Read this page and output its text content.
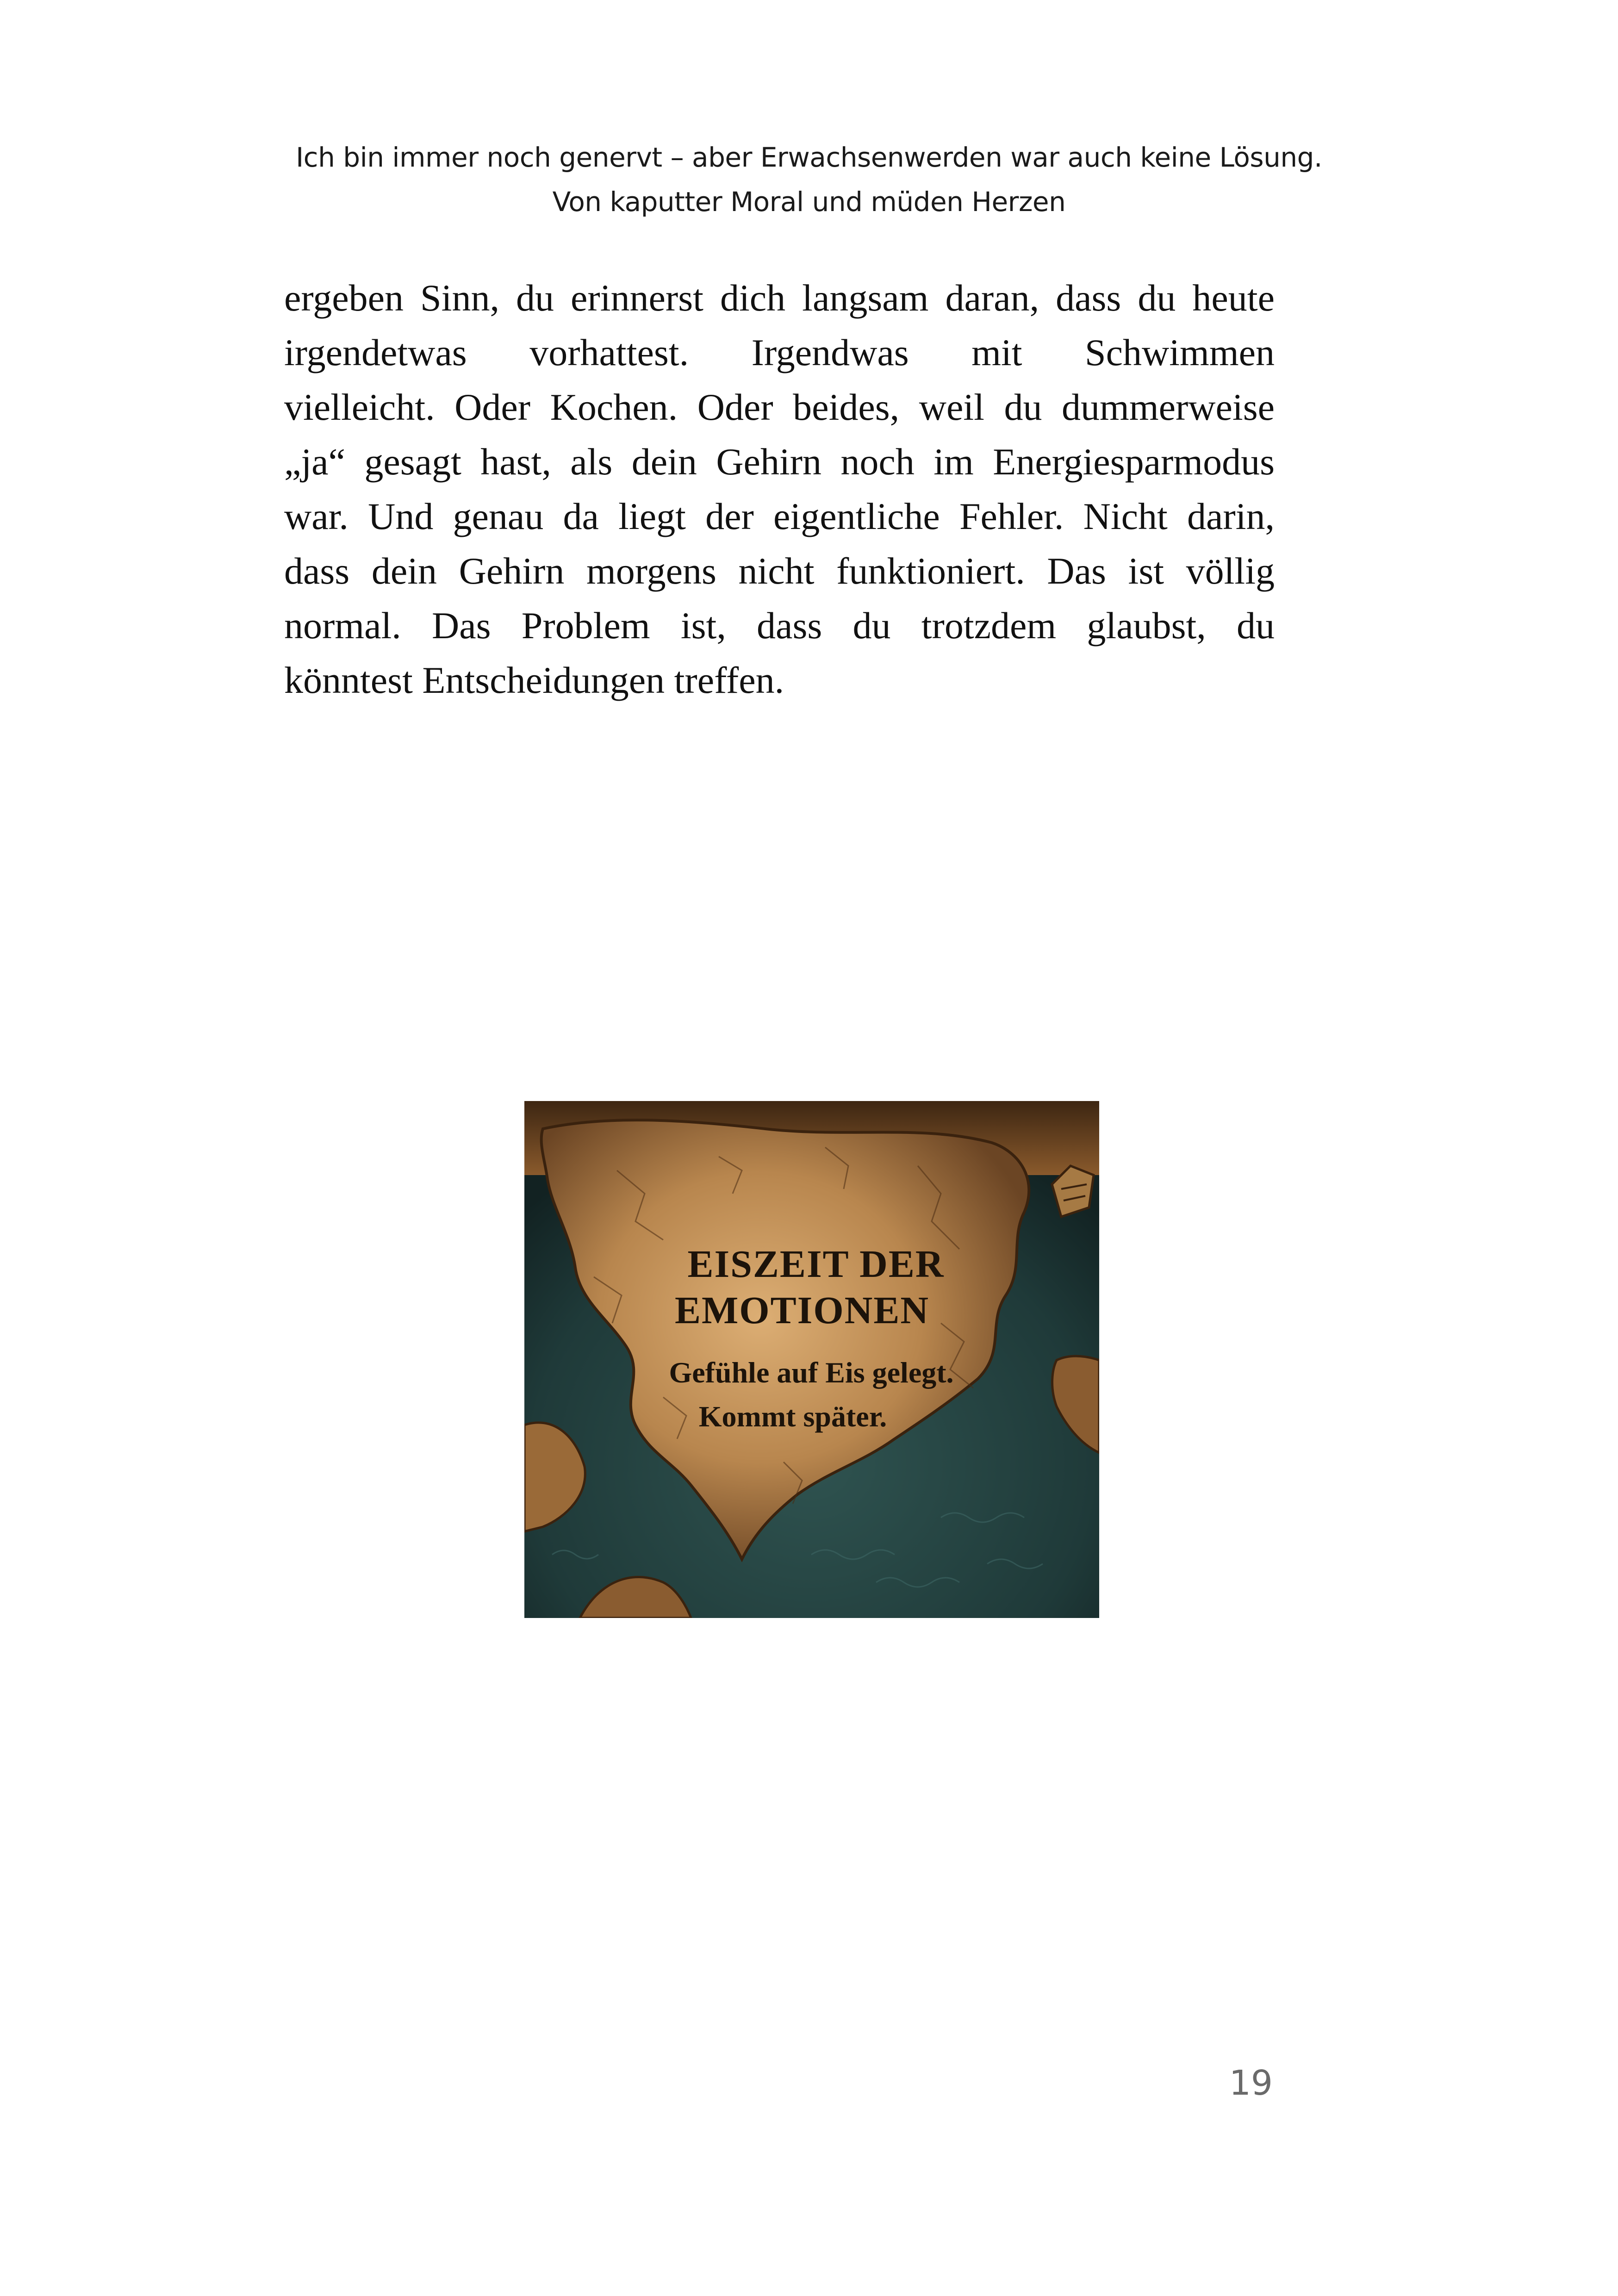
Ich bin immer noch genervt – aber Erwachsenwerden war auch keine Lösung.
Von kaputter Moral und müden Herzen
ergeben Sinn, du erinnerst dich langsam daran, dass du heute
irgendetwas vorhattest. Irgendwas mit Schwimmen
vielleicht. Oder Kochen. Oder beides, weil du dummerweise
„ja“ gesagt hast, als dein Gehirn noch im Energiesparmodus
war. Und genau da liegt der eigentliche Fehler. Nicht darin,
dass dein Gehirn morgens nicht funktioniert. Das ist völlig
normal. Das Problem ist, dass du trotzdem glaubst, du
könntest Entscheidungen treffen.
EISZEIT DER
EMOTIONEN
Gefühle auf Eis gelegt.
Kommt später.
19
